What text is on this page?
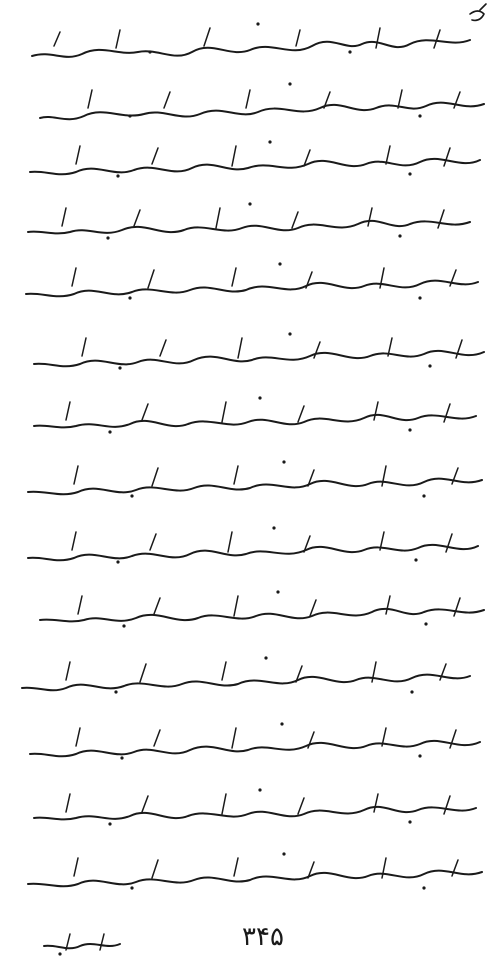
۳۴۵
